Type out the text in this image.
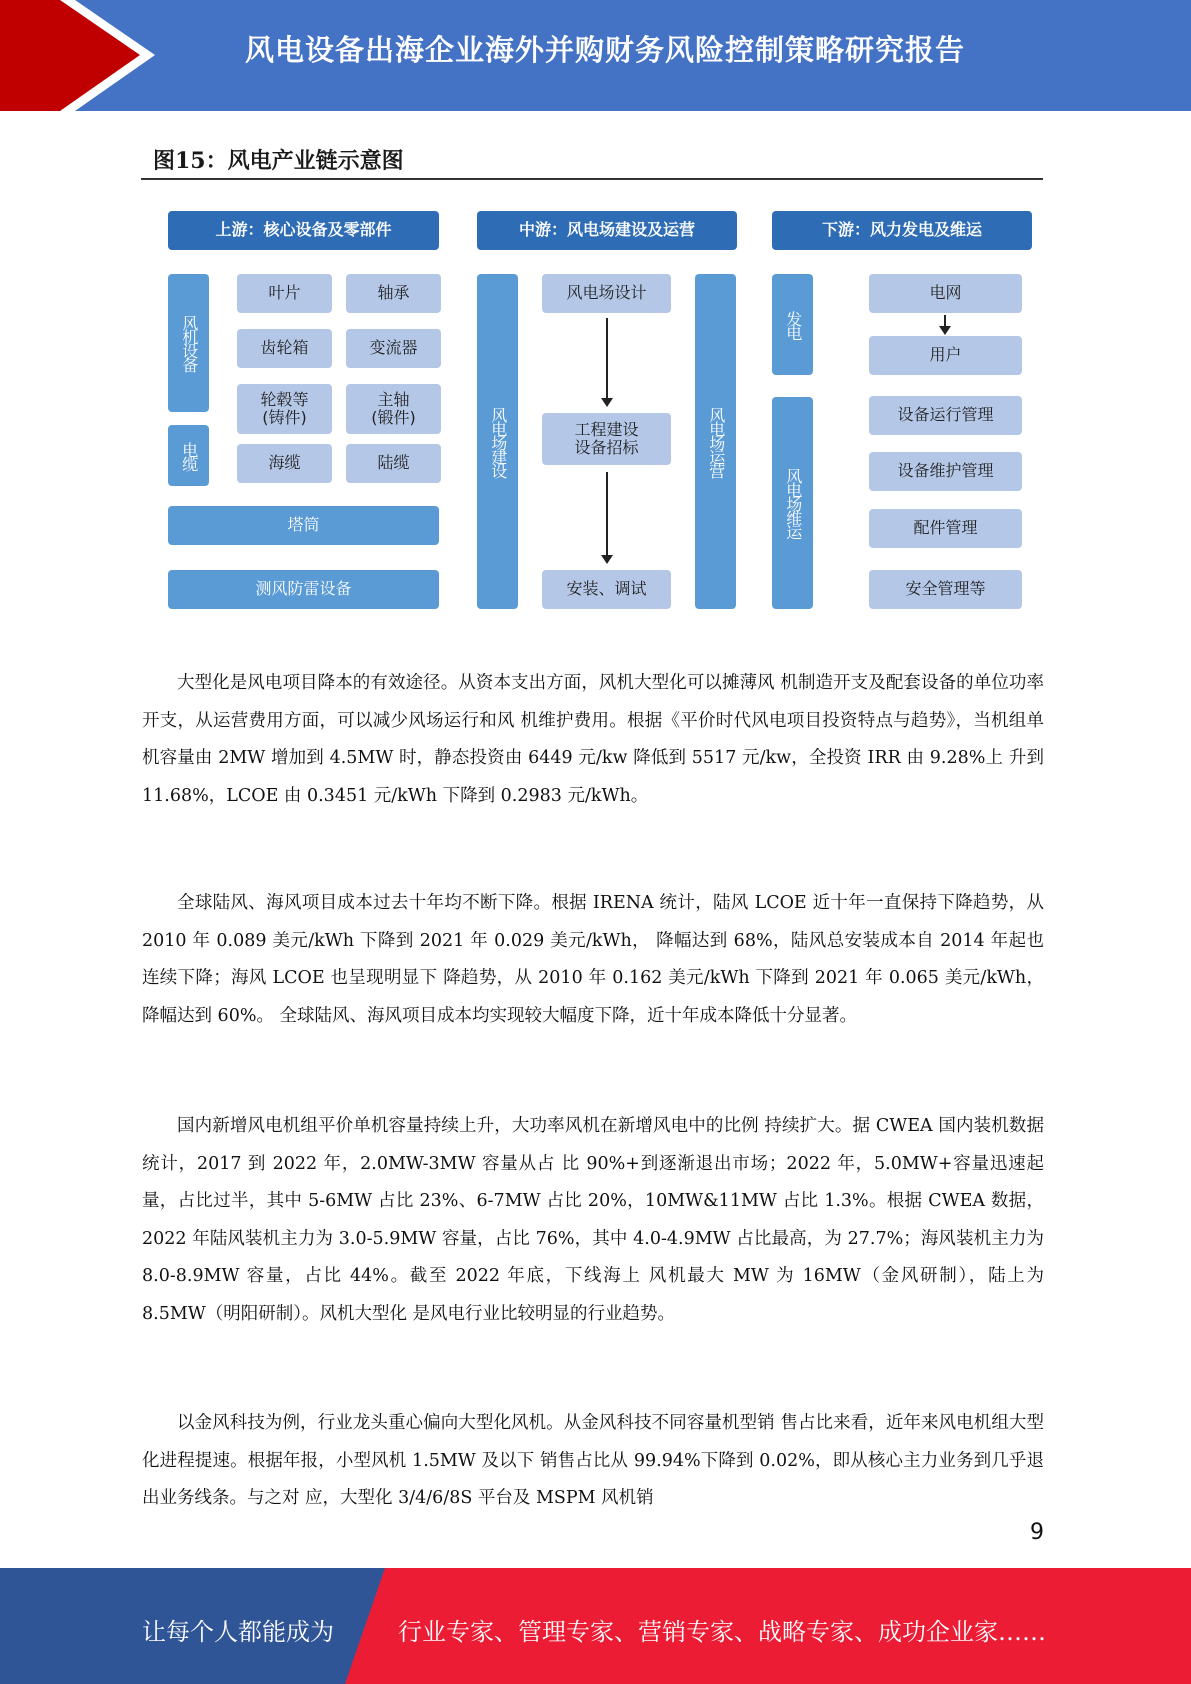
风电设备出海企业海外并购财务风险控制策略研究报告
图15：风电产业链示意图
上游：核心设备及零部件	中游：风电场建设及运营	下游：风力发电及维运
风机设备
叶片	轴承
齿轮箱	变流器
轮毂等
(铸件)
主轴
(锻件)
电缆	海缆	陆缆
塔筒
测风防雷设备
风电场建设
风电场设计
工程建设
设备招标
安装、调试
风电场运营
发电
风电场维运
电网
用户
设备运行管理
设备维护管理
配件管理
安全管理等
大型化是风电项目降本的有效途径。从资本支出方面，风机大型化可以摊薄风 机制造开支及配套设备的单位功率开支，从运营费用方面，可以减少风场运行和风 机维护费用。根据《平价时代风电项目投资特点与趋势》，当机组单机容量由 2MW 增加到 4.5MW 时，静态投资由 6449 元/kw 降低到 5517 元/kw，全投资 IRR 由 9.28%上 升到 11.68%，LCOE 由 0.3451 元/kWh 下降到 0.2983 元/kWh。
全球陆风、海风项目成本过去十年均不断下降。根据 IRENA 统计，陆风 LCOE 近十年一直保持下降趋势，从 2010 年 0.089 美元/kWh 下降到 2021 年 0.029 美元/kWh， 降幅达到 68%，陆风总安装成本自 2014 年起也连续下降；海风 LCOE 也呈现明显下 降趋势，从 2010 年 0.162 美元/kWh 下降到 2021 年 0.065 美元/kWh，降幅达到 60%。 全球陆风、海风项目成本均实现较大幅度下降，近十年成本降低十分显著。
国内新增风电机组平价单机容量持续上升，大功率风机在新增风电中的比例 持续扩大。据 CWEA 国内装机数据统计，2017 到 2022 年，2.0MW-3MW 容量从占 比 90%+到逐渐退出市场；2022 年，5.0MW+容量迅速起量，占比过半，其中 5-6MW 占比 23%、6-7MW 占比 20%，10MW&11MW 占比 1.3%。根据 CWEA 数据，2022 年陆风装机主力为 3.0-5.9MW 容量，占比 76%，其中 4.0-4.9MW 占比最高，为 27.7%；海风装机主力为 8.0-8.9MW 容量，占比 44%。截至 2022 年底，下线海上 风机最大 MW 为 16MW（金风研制），陆上为 8.5MW（明阳研制）。风机大型化 是风电行业比较明显的行业趋势。
以金风科技为例，行业龙头重心偏向大型化风机。从金风科技不同容量机型销 售占比来看，近年来风电机组大型化进程提速。根据年报，小型风机 1.5MW 及以下 销售占比从 99.94%下降到 0.02%，即从核心主力业务到几乎退出业务线条。与之对 应，大型化 3/4/6/8S 平台及 MSPM 风机销
9
让每个人都能成为	行业专家、管理专家、营销专家、战略专家、成功企业家……
